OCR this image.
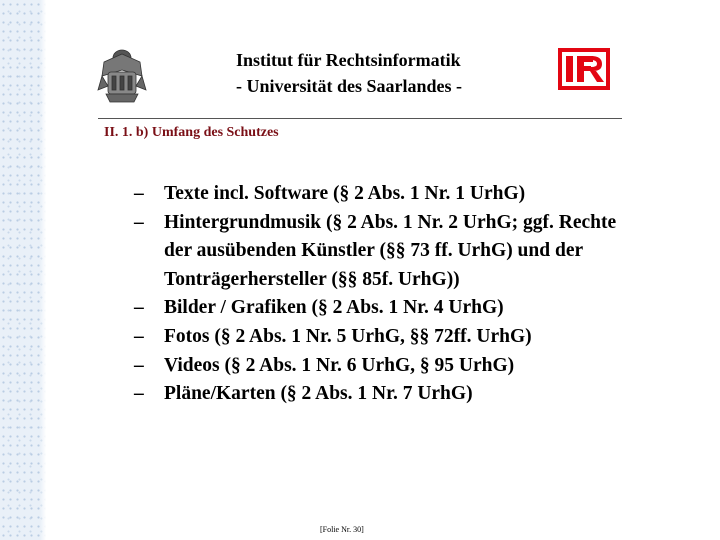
Institut für Rechtsinformatik
- Universität des Saarlandes -
II. 1. b) Umfang des Schutzes
– Texte incl. Software (§ 2 Abs. 1 Nr. 1 UrhG)
– Hintergrundmusik (§ 2 Abs. 1 Nr. 2 UrhG; ggf. Rechte der ausübenden Künstler (§§ 73 ff. UrhG) und der Tonträgerhersteller (§§ 85f. UrhG))
– Bilder / Grafiken (§ 2 Abs. 1 Nr. 4 UrhG)
– Fotos (§ 2 Abs. 1 Nr. 5 UrhG, §§ 72ff. UrhG)
– Videos (§ 2 Abs. 1 Nr. 6 UrhG, § 95 UrhG)
– Pläne/Karten (§ 2 Abs. 1 Nr. 7 UrhG)
[Folie Nr. 30]
